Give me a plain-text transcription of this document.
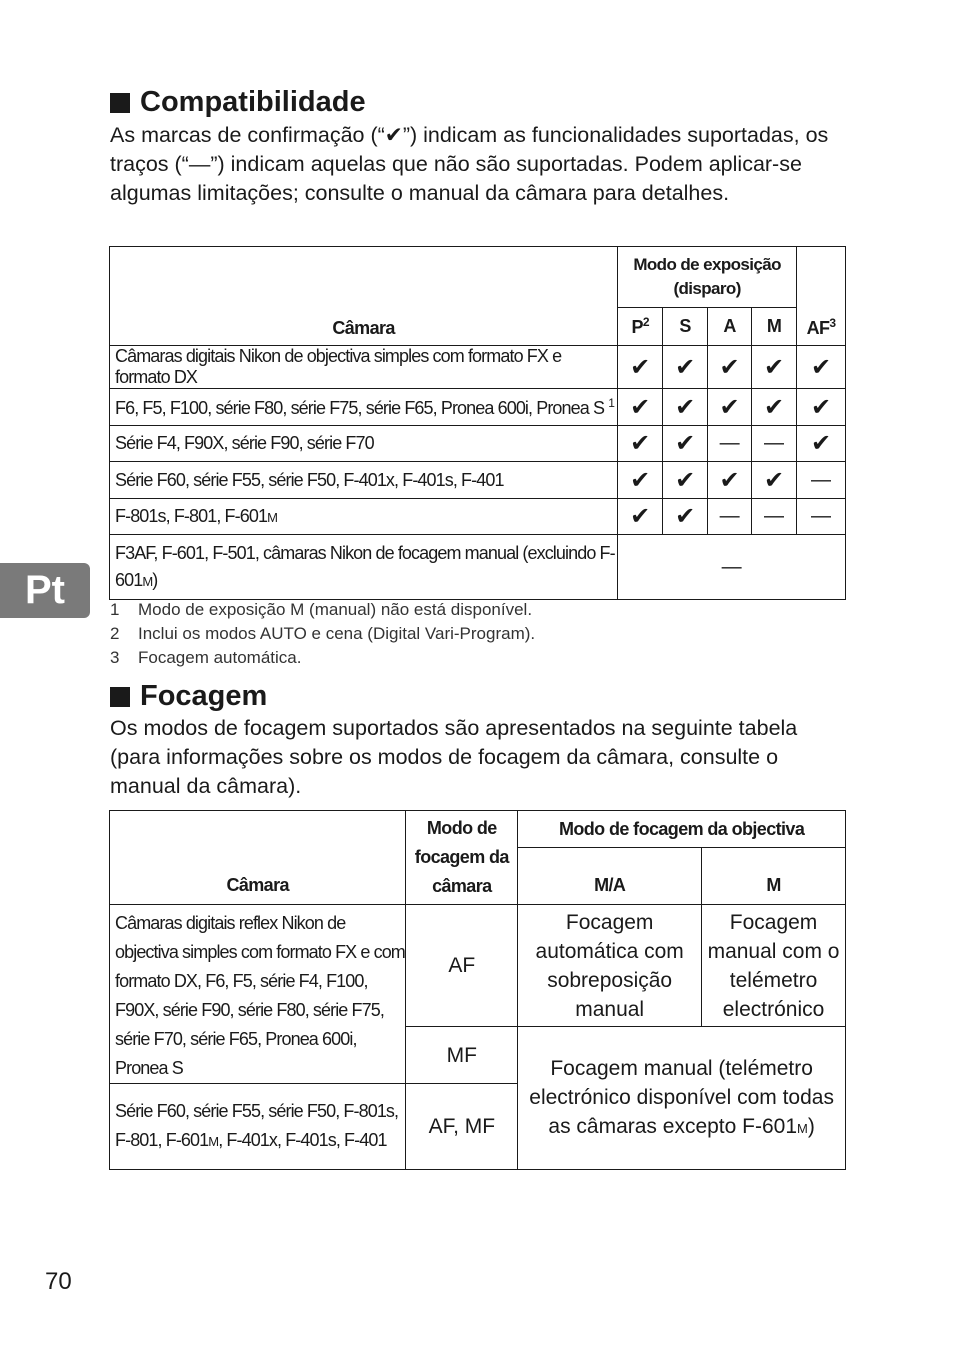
Compatibilidade
As marcas de confirmação (“✔”) indicam as funcionalidades suportadas, os traços (“—”) indicam aquelas que não são suportadas. Podem aplicar-se algumas limitações; consulte o manual da câmara para detalhes.
Câmara	Modo de exposição (disparo)				$AF^3$
	$P^2$	S	A	M	
Câmaras digitais Nikon de objectiva simples com formato FX e formato DX	✔	✔	✔	✔	✔
F6, F5, F100, série F80, série F75, série F65, Pronea 600i, Pronea S $^1$	✔	✔	✔	✔	✔
Série F4, F90X, série F90, série F70	✔	✔	—	—	✔
Série F60, série F55, série F50, F-401x, F-401s, F-401	✔	✔	✔	✔	—
F-801s, F-801, F-601M	✔	✔	—	—	—
F3AF, F-601, F-501, câmaras Nikon de focagem manual (excluindo F-601M)	—				
1	Modo de exposição M (manual) não está disponível.
2	Inclui os modos AUTO e cena (Digital Vari-Program).
3	Focagem automática.
Focagem
Os modos de focagem suportados são apresentados na seguinte tabela (para informações sobre os modos de focagem da câmara, consulte o manual da câmara).
Câmara	Modo de focagem da câmara	Modo de focagem da objectiva	
		M/A	M
Câmaras digitais reflex Nikon de objectiva simples com formato FX e com formato DX, F6, F5, série F4, F100, F90X, série F90, série F80, série F75, série F70, série F65, Pronea 600i, Pronea S	AF	Focagem automática com sobreposição manual	Focagem manual com o telémetro electrónico
	MF	Focagem manual (telémetro electrónico disponível com todas as câmaras excepto F-601M)	
Série F60, série F55, série F50, F-801s, F-801, F-601M, F-401x, F-401s, F-401	AF, MF		
Pt
70
